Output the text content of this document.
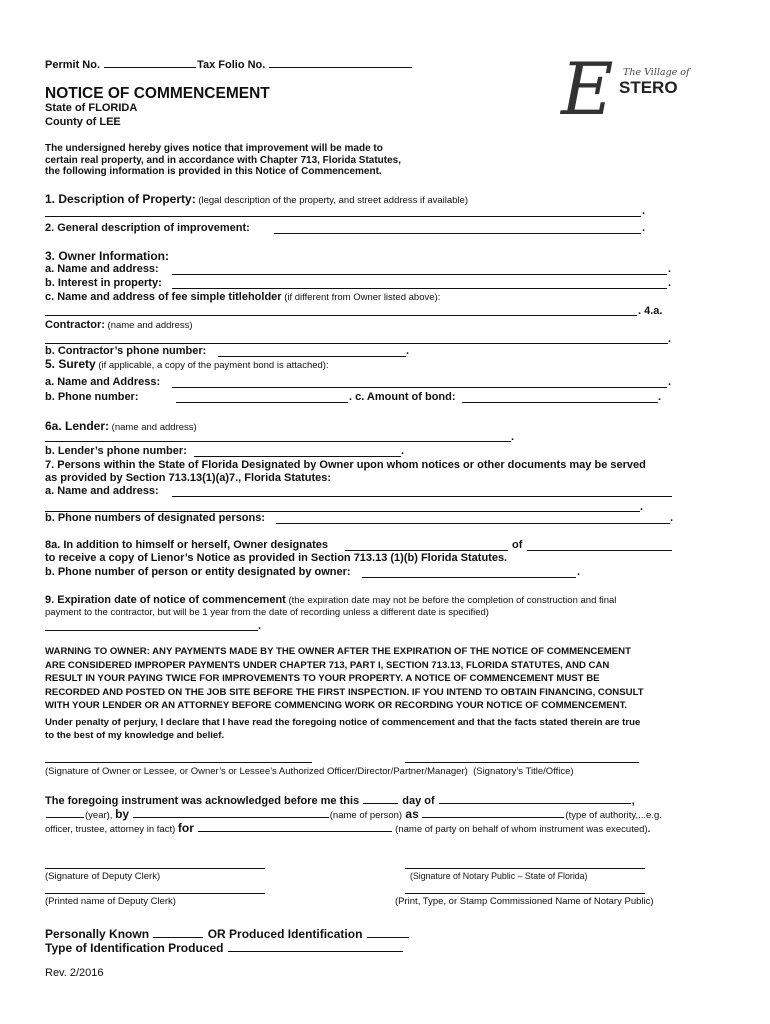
Permit No.	Tax Folio No.
NOTICE OF COMMENCEMENT
State of FLORIDA
County of LEE
The undersigned hereby gives notice that improvement will be made to
certain real property, and in accordance with Chapter 713, Florida Statutes,
the following information is provided in this Notice of Commencement.
E The Village of
STERO
1. Description of Property: (legal description of the property, and street address if available)
.
2. General description of improvement:	.
3. Owner Information:
a. Name and address:	.
b. Interest in property:	.
c. Name and address of fee simple titleholder (if different from Owner listed above):
. 4.a.
Contractor: (name and address)
.
b. Contractor’s phone number:	.
5. Surety (if applicable, a copy of the payment bond is attached):
a. Name and Address:	.
b. Phone number:	. c. Amount of bond:	.
6a. Lender: (name and address)
.
b. Lender’s phone number:	.
7. Persons within the State of Florida Designated by Owner upon whom notices or other documents may be served
as provided by Section 713.13(1)(a)7., Florida Statutes:
a. Name and address:
.
b. Phone numbers of designated persons:	.
8a. In addition to himself or herself, Owner designates	of
to receive a copy of Lienor’s Notice as provided in Section 713.13 (1)(b) Florida Statutes.
b. Phone number of person or entity designated by owner:	.
9. Expiration date of notice of commencement (the expiration date may not be before the completion of construction and final
payment to the contractor, but will be 1 year from the date of recording unless a different date is specified)
.
WARNING TO OWNER: ANY PAYMENTS MADE BY THE OWNER AFTER THE EXPIRATION OF THE NOTICE OF COMMENCEMENT
ARE CONSIDERED IMPROPER PAYMENTS UNDER CHAPTER 713, PART I, SECTION 713.13, FLORIDA STATUTES, AND CAN
RESULT IN YOUR PAYING TWICE FOR IMPROVEMENTS TO YOUR PROPERTY. A NOTICE OF COMMENCEMENT MUST BE
RECORDED AND POSTED ON THE JOB SITE BEFORE THE FIRST INSPECTION. IF YOU INTEND TO OBTAIN FINANCING, CONSULT
WITH YOUR LENDER OR AN ATTORNEY BEFORE COMMENCING WORK OR RECORDING YOUR NOTICE OF COMMENCEMENT.
Under penalty of perjury, I declare that I have read the foregoing notice of commencement and that the facts stated therein are true
to the best of my knowledge and belief.
(Signature of Owner or Lessee, or Owner’s or Lessee’s Authorized Officer/Director/Partner/Manager) (Signatory’s Title/Office)
The foregoing instrument was acknowledged before me this	day of	,
(year), by	(name of person) as	(type of authority,...e.g.
officer, trustee, attorney in fact) for	(name of party on behalf of whom instrument was executed).
(Signature of Deputy Clerk)	(Signature of Notary Public – State of Florida)
(Printed name of Deputy Clerk)	(Print, Type, or Stamp Commissioned Name of Notary Public)
Personally Known	OR Produced Identification
Type of Identification Produced
Rev. 2/2016
